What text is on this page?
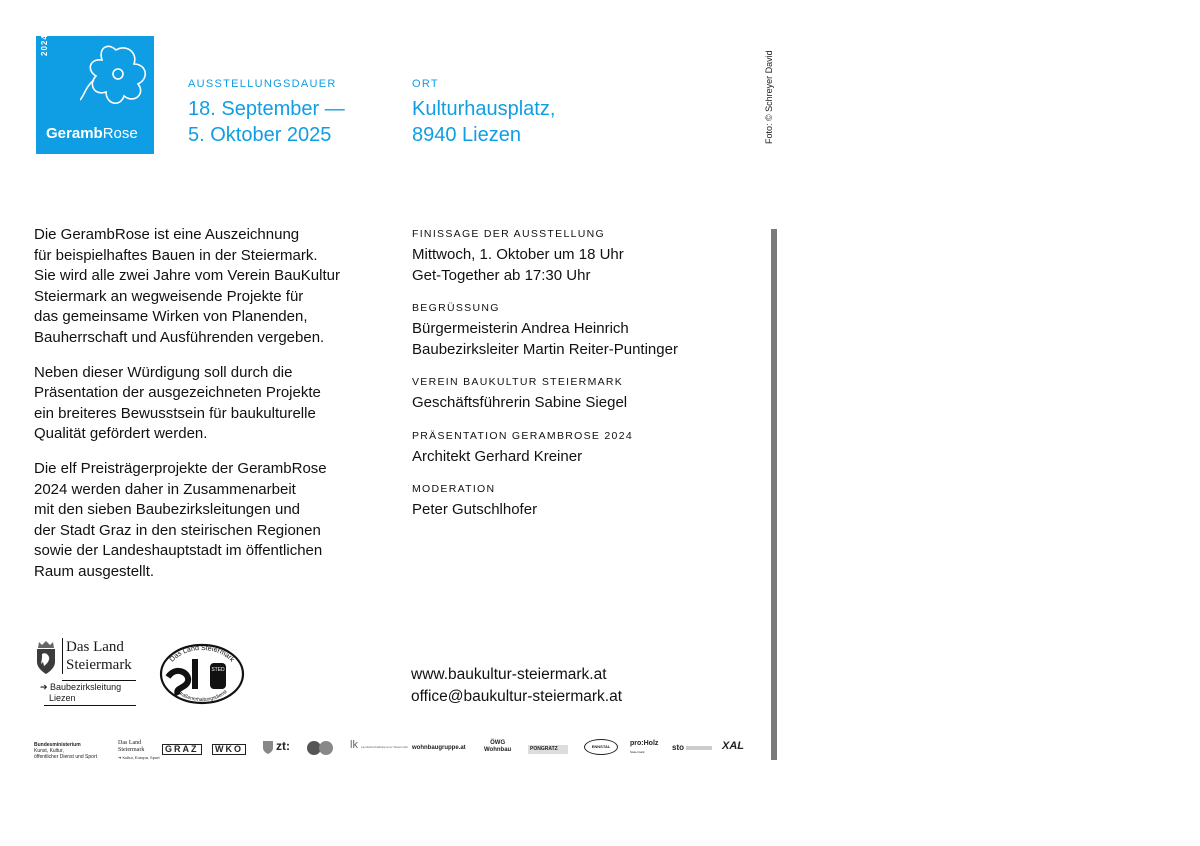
2024
GerambRose
AUSSTELLUNGSDAUER
18. September —
5. Oktober 2025
ORT
Kulturhausplatz,
8940 Liezen	Foto: © Schreyer David

Die GerambRose ist eine Auszeichnung
für beispielhaftes Bauen in der Steiermark.
Sie wird alle zwei Jahre vom Verein BauKultur
Steiermark an wegweisende Projekte für
das gemeinsame Wirken von Planenden,
Bauherrschaft und Ausführenden vergeben.

Neben dieser Würdigung soll durch die
Präsentation der ausgezeichneten Projekte
ein breiteres Bewusstsein für baukulturelle
Qualität gefördert werden.

Die elf Preisträgerprojekte der GerambRose
2024 werden daher in Zusammenarbeit
mit den sieben Baubezirksleitungen und
der Stadt Graz in den steirischen Regionen
sowie der Landeshauptstadt im öffentlichen
Raum ausgestellt.

FINISSAGE DER AUSSTELLUNG
Mittwoch, 1. Oktober um 18 Uhr
Get-Together ab 17:30 Uhr
BEGRÜSSUNG
Bürgermeisterin Andrea Heinrich
Baubezirksleiter Martin Reiter-Puntinger
VEREIN BAUKULTUR STEIERMARK
Geschäftsführerin Sabine Siegel
PRÄSENTATION GERAMBROSE 2024
Architekt Gerhard Kreiner
MODERATION
Peter Gutschlhofer
www.baukultur-steiermark.at
office@baukultur-steiermark.at
Das Land
Steiermark
➔ Baubezirksleitung
Liezen
Das Land Steiermark
Straßenerhaltungsdienst
STED
Bundesministerium
Kunst, Kultur,
öffentlicher Dienst und Sport
Das Land
Steiermark
➔ Kultur, Europa, Sport
GRAZ	WKO	zt:	lk Landwirtschaftskammer Steiermark wohnbaugruppe.at
ÖWG
Wohnbau	PONGRATZ	ENNSTAL	pro:Holz
Steiermark	sto	XAL
